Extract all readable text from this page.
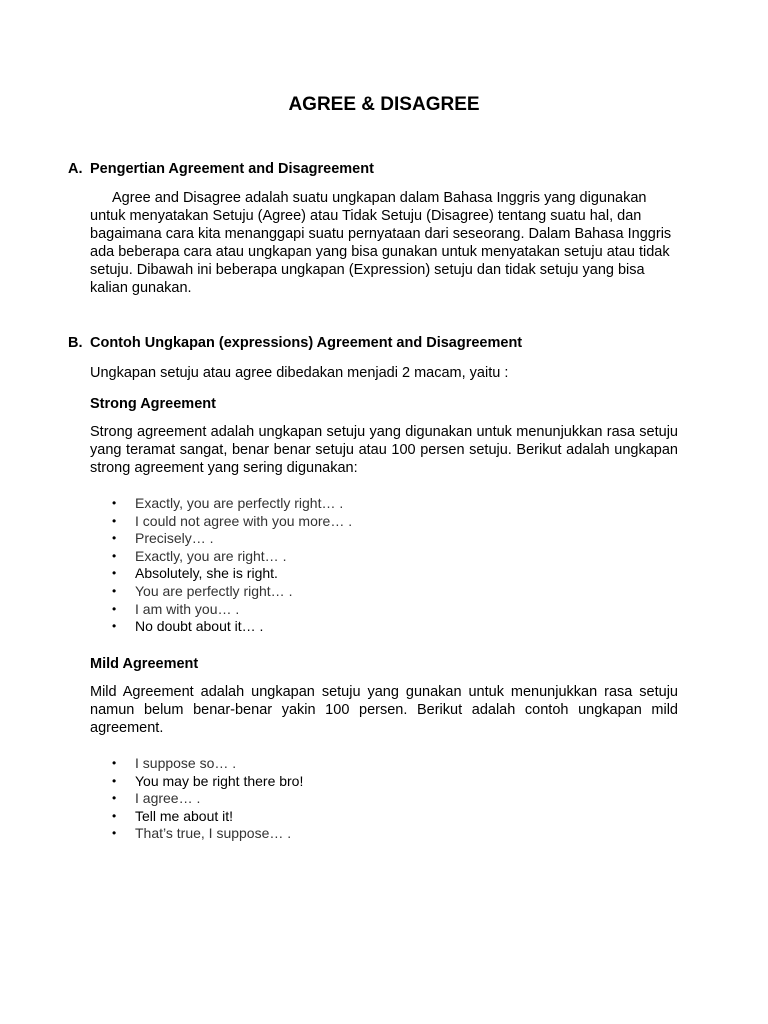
AGREE & DISAGREE
A. Pengertian Agreement and Disagreement
Agree and Disagree adalah suatu ungkapan dalam Bahasa Inggris yang digunakan untuk menyatakan Setuju (Agree) atau Tidak Setuju (Disagree) tentang suatu hal, dan bagaimana cara kita menanggapi suatu pernyataan dari seseorang. Dalam Bahasa Inggris ada beberapa cara atau ungkapan yang bisa gunakan untuk menyatakan setuju atau tidak setuju. Dibawah ini beberapa ungkapan (Expression) setuju dan tidak setuju yang bisa kalian gunakan.
B. Contoh Ungkapan (expressions) Agreement and Disagreement
Ungkapan setuju atau agree dibedakan menjadi 2 macam, yaitu :
Strong Agreement
Strong agreement adalah ungkapan setuju yang digunakan untuk menunjukkan rasa setuju yang teramat sangat, benar benar setuju atau 100 persen setuju. Berikut adalah ungkapan strong agreement yang sering digunakan:
• Exactly, you are perfectly right… .
• I could not agree with you more… .
• Precisely… .
• Exactly, you are right… .
• Absolutely, she is right.
• You are perfectly right… .
• I am with you… .
• No doubt about it… .
Mild Agreement
Mild Agreement adalah ungkapan setuju yang gunakan untuk menunjukkan rasa setuju namun belum benar-benar yakin 100 persen. Berikut adalah contoh ungkapan mild agreement.
• I suppose so… .
• You may be right there bro!
• I agree… .
• Tell me about it!
• That’s true, I suppose… .
